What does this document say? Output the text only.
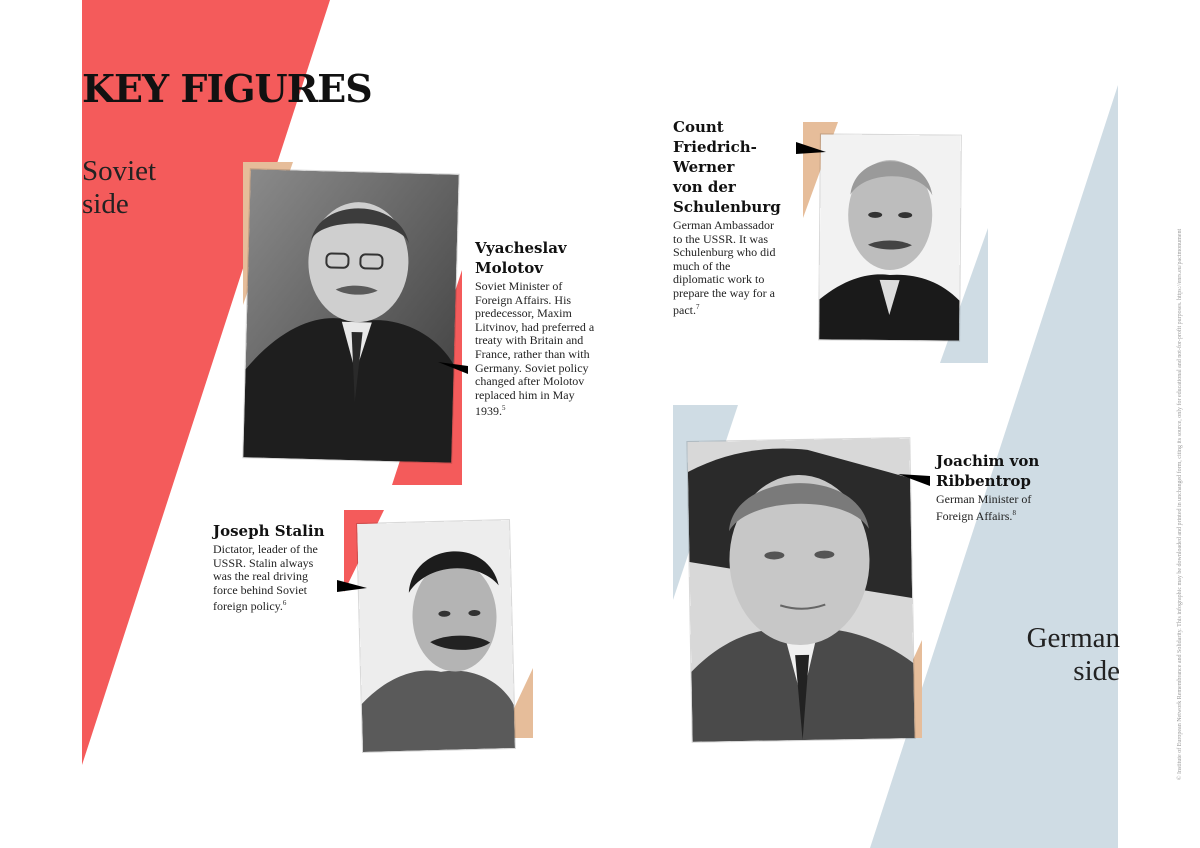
KEY FIGURES
Soviet
side
German
side

Vyacheslav
Molotov

Soviet Minister of Foreign Affairs. His predecessor, Maxim Litvinov, had preferred a treaty with Britain and France, rather than with Germany. Soviet policy changed after Molotov replaced him in May 1939.$^5$

Joseph Stalin

Dictator, leader of the USSR. Stalin always was the real driving force behind Soviet foreign policy.$^6$

Count
Friedrich-
Werner
von der
Schulenburg

German Ambassador to the USSR. It was Schulenburg who did much of the diplomatic work to prepare the way for a pact.$^7$

Joachim von
Ribbentrop

German Minister of Foreign Affairs.$^8$	© Institute of European Network Remembrance and Solidarity. This infographic may be downloaded and printed in unchanged form, citing its source, only for educational and not-for-profit purposes. https://enrs.eu/pactmonument
